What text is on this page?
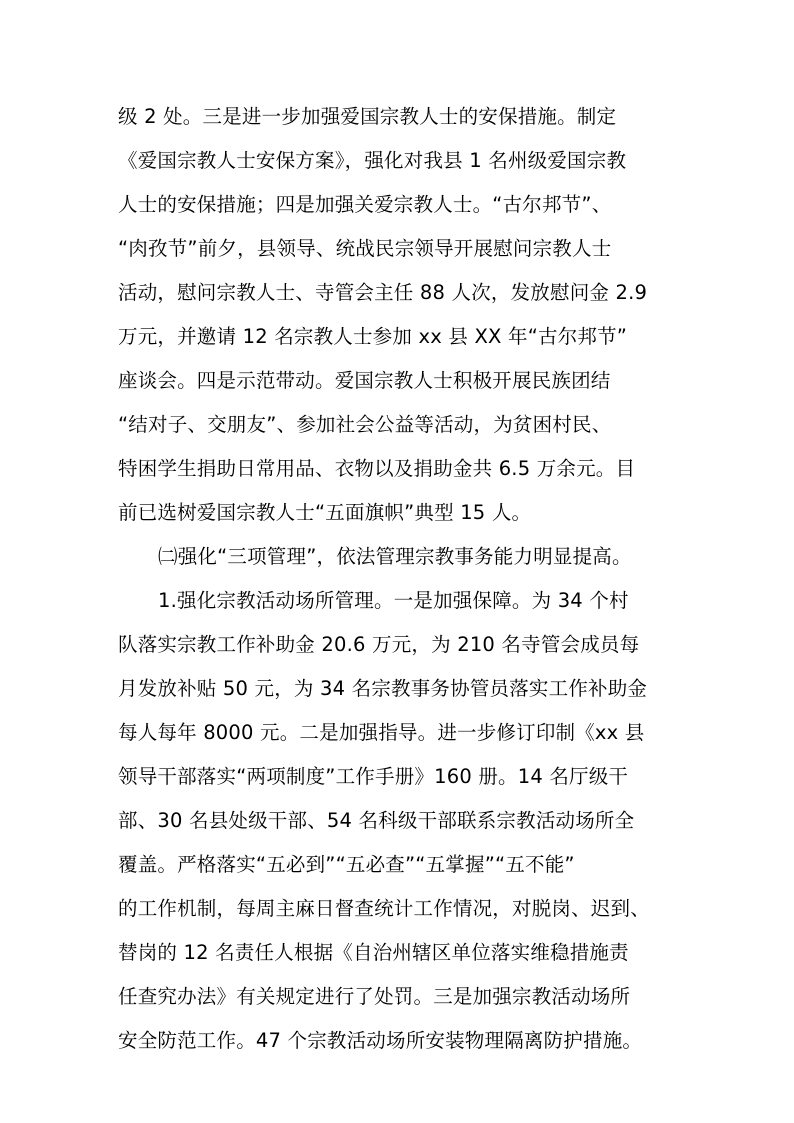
级 2 处。三是进一步加强爱国宗教人士的安保措施。制定
《爱国宗教人士安保方案》，强化对我县 1 名州级爱国宗教
人士的安保措施；四是加强关爱宗教人士。“古尔邦节”、
“肉孜节”前夕，县领导、统战民宗领导开展慰问宗教人士
活动，慰问宗教人士、寺管会主任 88 人次，发放慰问金 2.9
万元，并邀请 12 名宗教人士参加 xx 县 XX 年“古尔邦节”
座谈会。四是示范带动。爱国宗教人士积极开展民族团结
“结对子、交朋友”、参加社会公益等活动，为贫困村民、
特困学生捐助日常用品、衣物以及捐助金共 6.5 万余元。目
前已选树爱国宗教人士“五面旗帜”典型 15 人。
㈡强化“三项管理”，依法管理宗教事务能力明显提高。
1.强化宗教活动场所管理。一是加强保障。为 34 个村
队落实宗教工作补助金 20.6 万元，为 210 名寺管会成员每
月发放补贴 50 元，为 34 名宗教事务协管员落实工作补助金
每人每年 8000 元。二是加强指导。进一步修订印制《xx 县
领导干部落实“两项制度”工作手册》160 册。14 名厅级干
部、30 名县处级干部、54 名科级干部联系宗教活动场所全
覆盖。严格落实“五必到”“五必查”“五掌握”“五不能”
的工作机制，每周主麻日督查统计工作情况，对脱岗、迟到、
替岗的 12 名责任人根据《自治州辖区单位落实维稳措施责
任查究办法》有关规定进行了处罚。三是加强宗教活动场所
安全防范工作。47 个宗教活动场所安装物理隔离防护措施。
